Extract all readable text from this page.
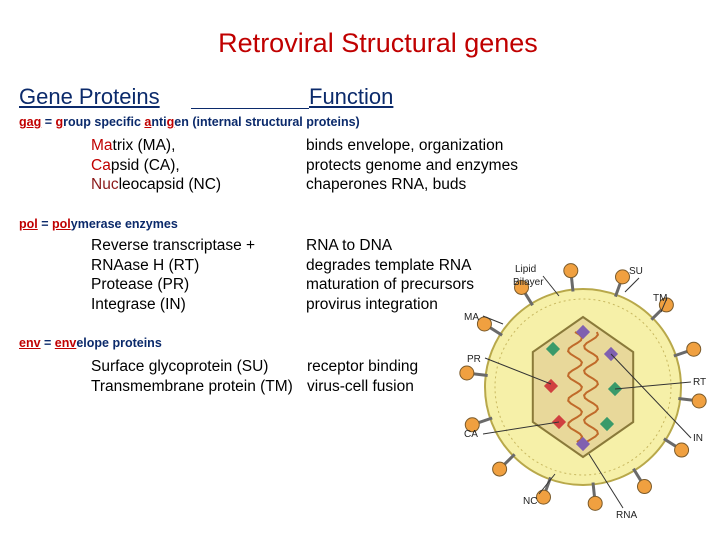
Retroviral Structural genes
Gene Proteins	Function
gag = group specific antigen (internal structural proteins)
Matrix (MA),
Capsid (CA),
Nucleocapsid (NC)
binds envelope, organization
protects genome and enzymes
chaperones RNA, buds
pol = polymerase enzymes
Reverse transcriptase +
RNAase H (RT)
Protease (PR)
Integrase (IN)
RNA to DNA
degrades template RNA
maturation of precursors
provirus integration
env = envelope proteins
Surface glycoprotein (SU)
Transmembrane protein (TM)
receptor binding
virus-cell fusion
Lipid
Bilayer
SU
TM
MA
PR
RT
CA	IN
NC
RNA
